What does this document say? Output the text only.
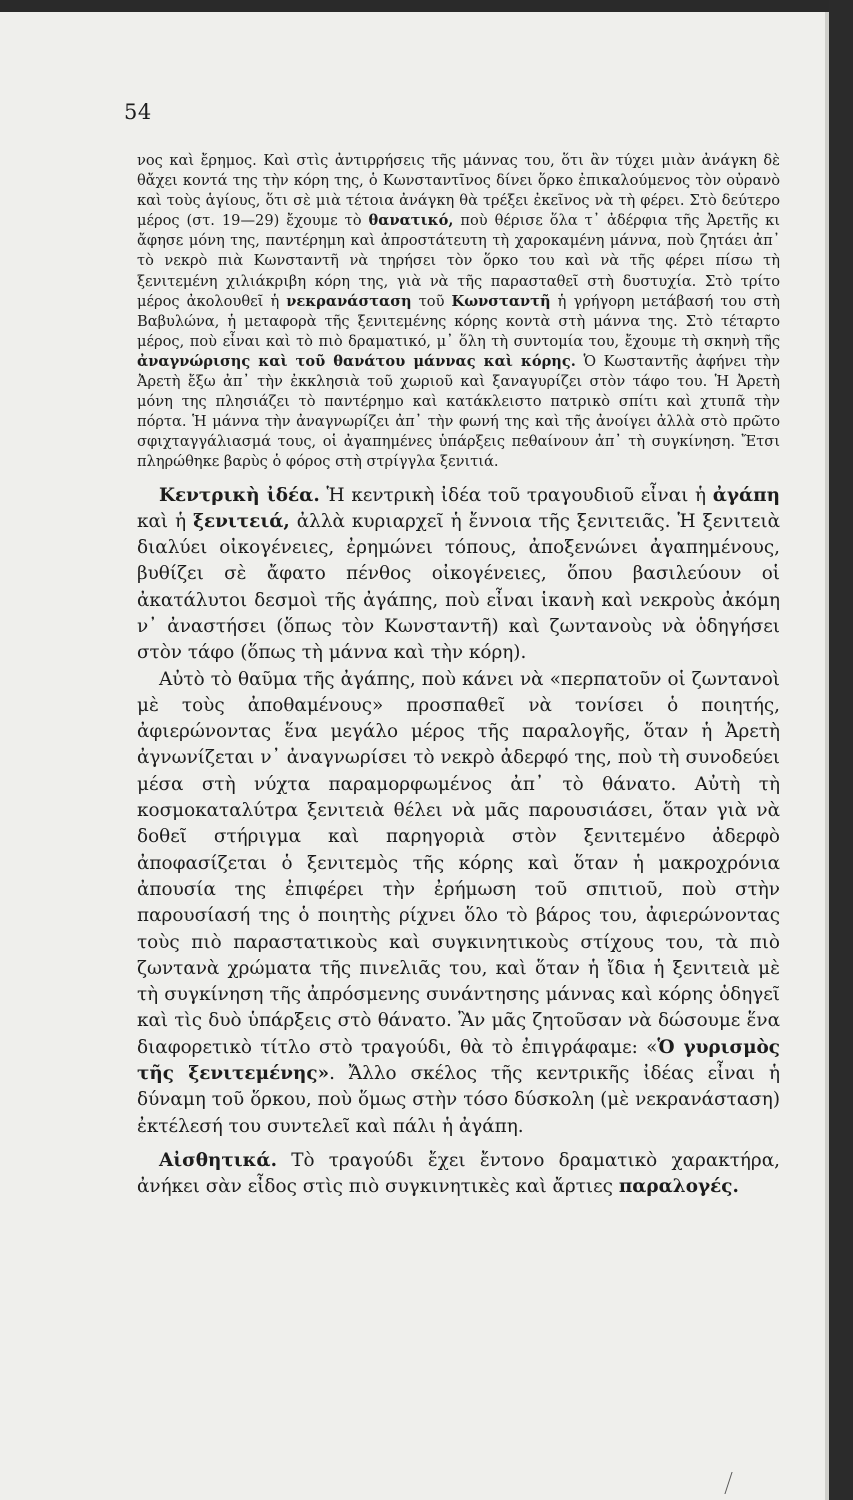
54

νος καὶ ἔρημος. Καὶ στὶς ἀντιρρήσεις τῆς μάννας του, ὅτι ἂν τύχει μιὰν ἀνάγκη δὲ θἄχει κοντά της τὴν κόρη της, ὁ Κωνσταντῖνος δίνει ὅρκο ἐπικαλούμενος τὸν οὐρανὸ καὶ τοὺς ἁγίους, ὅτι σὲ μιὰ τέτοια ἀνάγκη θὰ τρέξει ἐκεῖνος νὰ τὴ φέρει. Στὸ δεύτερο μέρος (στ. 19—29) ἔχουμε τὸ θανατικό, ποὺ θέρισε ὅλα τ᾿ ἀδέρφια τῆς Ἀρετῆς κι ἄφησε μόνη της, παντέρημη καὶ ἀπροστάτευτη τὴ χαροκαμένη μάννα, ποὺ ζητάει ἀπ᾿ τὸ νεκρὸ πιὰ Κωνσταντῆ νὰ τηρήσει τὸν ὅρκο του καὶ νὰ τῆς φέρει πίσω τὴ ξενιτεμένη χιλιάκριβη κόρη της, γιὰ νὰ τῆς παρασταθεῖ στὴ δυστυχία. Στὸ τρίτο μέρος ἀκολουθεῖ ἡ νεκρανάσταση τοῦ Κωνσταντῆ ἡ γρήγορη μετάβασή του στὴ Βαβυλώνα, ἡ μεταφορὰ τῆς ξενιτεμένης κόρης κοντὰ στὴ μάννα της. Στὸ τέταρτο μέρος, ποὺ εἶναι καὶ τὸ πιὸ δραματικό, μ᾿ ὅλη τὴ συντομία του, ἔχουμε τὴ σκηνὴ τῆς ἀναγνώρισης καὶ τοῦ θανάτου μάννας καὶ κόρης. Ὁ Κωσταντῆς ἀφήνει τὴν Ἀρετὴ ἔξω ἀπ᾿ τὴν ἐκκλησιὰ τοῦ χωριοῦ καὶ ξαναγυρίζει στὸν τάφο του. Ἡ Ἀρετὴ μόνη της πλησιάζει τὸ παντέρημο καὶ κατάκλειστο πατρικὸ σπίτι καὶ χτυπᾶ τὴν πόρτα. Ἡ μάννα τὴν ἀναγνωρίζει ἀπ᾿ τὴν φωνή της καὶ τῆς ἀνοίγει ἀλλὰ στὸ πρῶτο σφιχταγγάλιασμά τους, οἱ ἀγαπημένες ὑπάρξεις πεθαίνουν ἀπ᾿ τὴ συγκίνηση. Ἔτσι πληρώθηκε βαρὺς ὁ φόρος στὴ στρίγγλα ξενιτιά.

Κεντρικὴ ἰδέα. Ἡ κεντρικὴ ἰδέα τοῦ τραγουδιοῦ εἶναι ἡ ἀγάπη καὶ ἡ ξενιτειά, ἀλλὰ κυριαρχεῖ ἡ ἔννοια τῆς ξενιτειᾶς. Ἡ ξενιτειὰ διαλύει οἰκογένειες, ἐρημώνει τόπους, ἀποξενώνει ἀγαπημένους, βυθίζει σὲ ἄφατο πένθος οἰκογένειες, ὅπου βασιλεύουν οἱ ἀκατάλυτοι δεσμοὶ τῆς ἀγάπης, ποὺ εἶναι ἱκανὴ καὶ νεκροὺς ἀκόμη ν᾿ ἀναστήσει (ὅπως τὸν Κωνσταντῆ) καὶ ζωντανοὺς νὰ ὁδηγήσει στὸν τάφο (ὅπως τὴ μάννα καὶ τὴν κόρη).

Αὐτὸ τὸ θαῦμα τῆς ἀγάπης, ποὺ κάνει νὰ «περπατοῦν οἱ ζωντανοὶ μὲ τοὺς ἀποθαμένους» προσπαθεῖ νὰ τονίσει ὁ ποιητής, ἀφιερώνοντας ἕνα μεγάλο μέρος τῆς παραλογῆς, ὅταν ἡ Ἀρετὴ ἀγνωνίζεται ν᾿ ἀναγνωρίσει τὸ νεκρὸ ἀδερφό της, ποὺ τὴ συνοδεύει μέσα στὴ νύχτα παραμορφωμένος ἀπ᾿ τὸ θάνατο. Αὐτὴ τὴ κοσμοκαταλύτρα ξενιτειὰ θέλει νὰ μᾶς παρουσιάσει, ὅταν γιὰ νὰ δοθεῖ στήριγμα καὶ παρηγοριὰ στὸν ξενιτεμένο ἀδερφὸ ἀποφασίζεται ὁ ξενιτεμὸς τῆς κόρης καὶ ὅταν ἡ μακροχρόνια ἀπουσία της ἐπιφέρει τὴν ἐρήμωση τοῦ σπιτιοῦ, ποὺ στὴν παρουσίασή της ὁ ποιητὴς ρίχνει ὅλο τὸ βάρος του, ἀφιερώνοντας τοὺς πιὸ παραστατικοὺς καὶ συγκινητικοὺς στίχους του, τὰ πιὸ ζωντανὰ χρώματα τῆς πινελιᾶς του, καὶ ὅταν ἡ ἴδια ἡ ξενιτειὰ μὲ τὴ συγκίνηση τῆς ἀπρόσμενης συνάντησης μάννας καὶ κόρης ὁδηγεῖ καὶ τὶς δυὸ ὑπάρξεις στὸ θάνατο. Ἂν μᾶς ζητοῦσαν νὰ δώσουμε ἕνα διαφορετικὸ τίτλο στὸ τραγούδι, θὰ τὸ ἐπιγράφαμε: «Ὁ γυρισμὸς τῆς ξενιτεμένης». Ἄλλο σκέλος τῆς κεντρικῆς ἰδέας εἶναι ἡ δύναμη τοῦ ὅρκου, ποὺ ὅμως στὴν τόσο δύσκολη (μὲ νεκρανάσταση) ἐκτέλεσή του συντελεῖ καὶ πάλι ἡ ἀγάπη.

Αἰσθητικά. Τὸ τραγούδι ἔχει ἔντονο δραματικὸ χαρακτήρα, ἀνήκει σὰν εἶδος στὶς πιὸ συγκινητικὲς καὶ ἄρτιες παραλογές.
